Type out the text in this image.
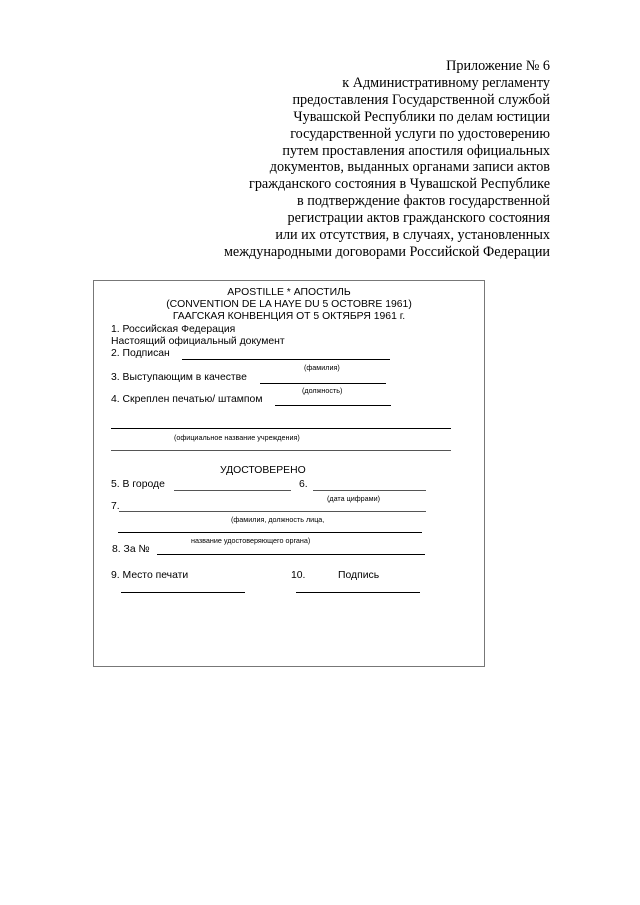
Приложение № 6
к Административному регламенту
предоставления Государственной службой
Чувашской Республики по делам юстиции
государственной услуги по удостоверению
путем проставления апостиля официальных
документов, выданных органами записи актов
гражданского состояния в Чувашской Республике
в подтверждение фактов государственной
регистрации актов гражданского состояния
или их отсутствия, в случаях, установленных
международными договорами Российской Федерации
APOSTILLE * АПОСТИЛЬ
(CONVENTION DE LA HAYE DU 5 OCTOBRE 1961)
ГААГСКАЯ КОНВЕНЦИЯ ОТ 5 ОКТЯБРЯ 1961 г.
1. Российская Федерация
Настоящий официальный документ
2. Подписан
(фамилия)
3. Выступающим в качестве
(должность)
4. Скреплен печатью/ штампом
(официальное название учреждения)
УДОСТОВЕРЕНО
5. В городе	6.
(дата цифрами)
7.
(фамилия, должность лица,
название удостоверяющего органа)
8. За №
9. Место печати	10.	Подпись
